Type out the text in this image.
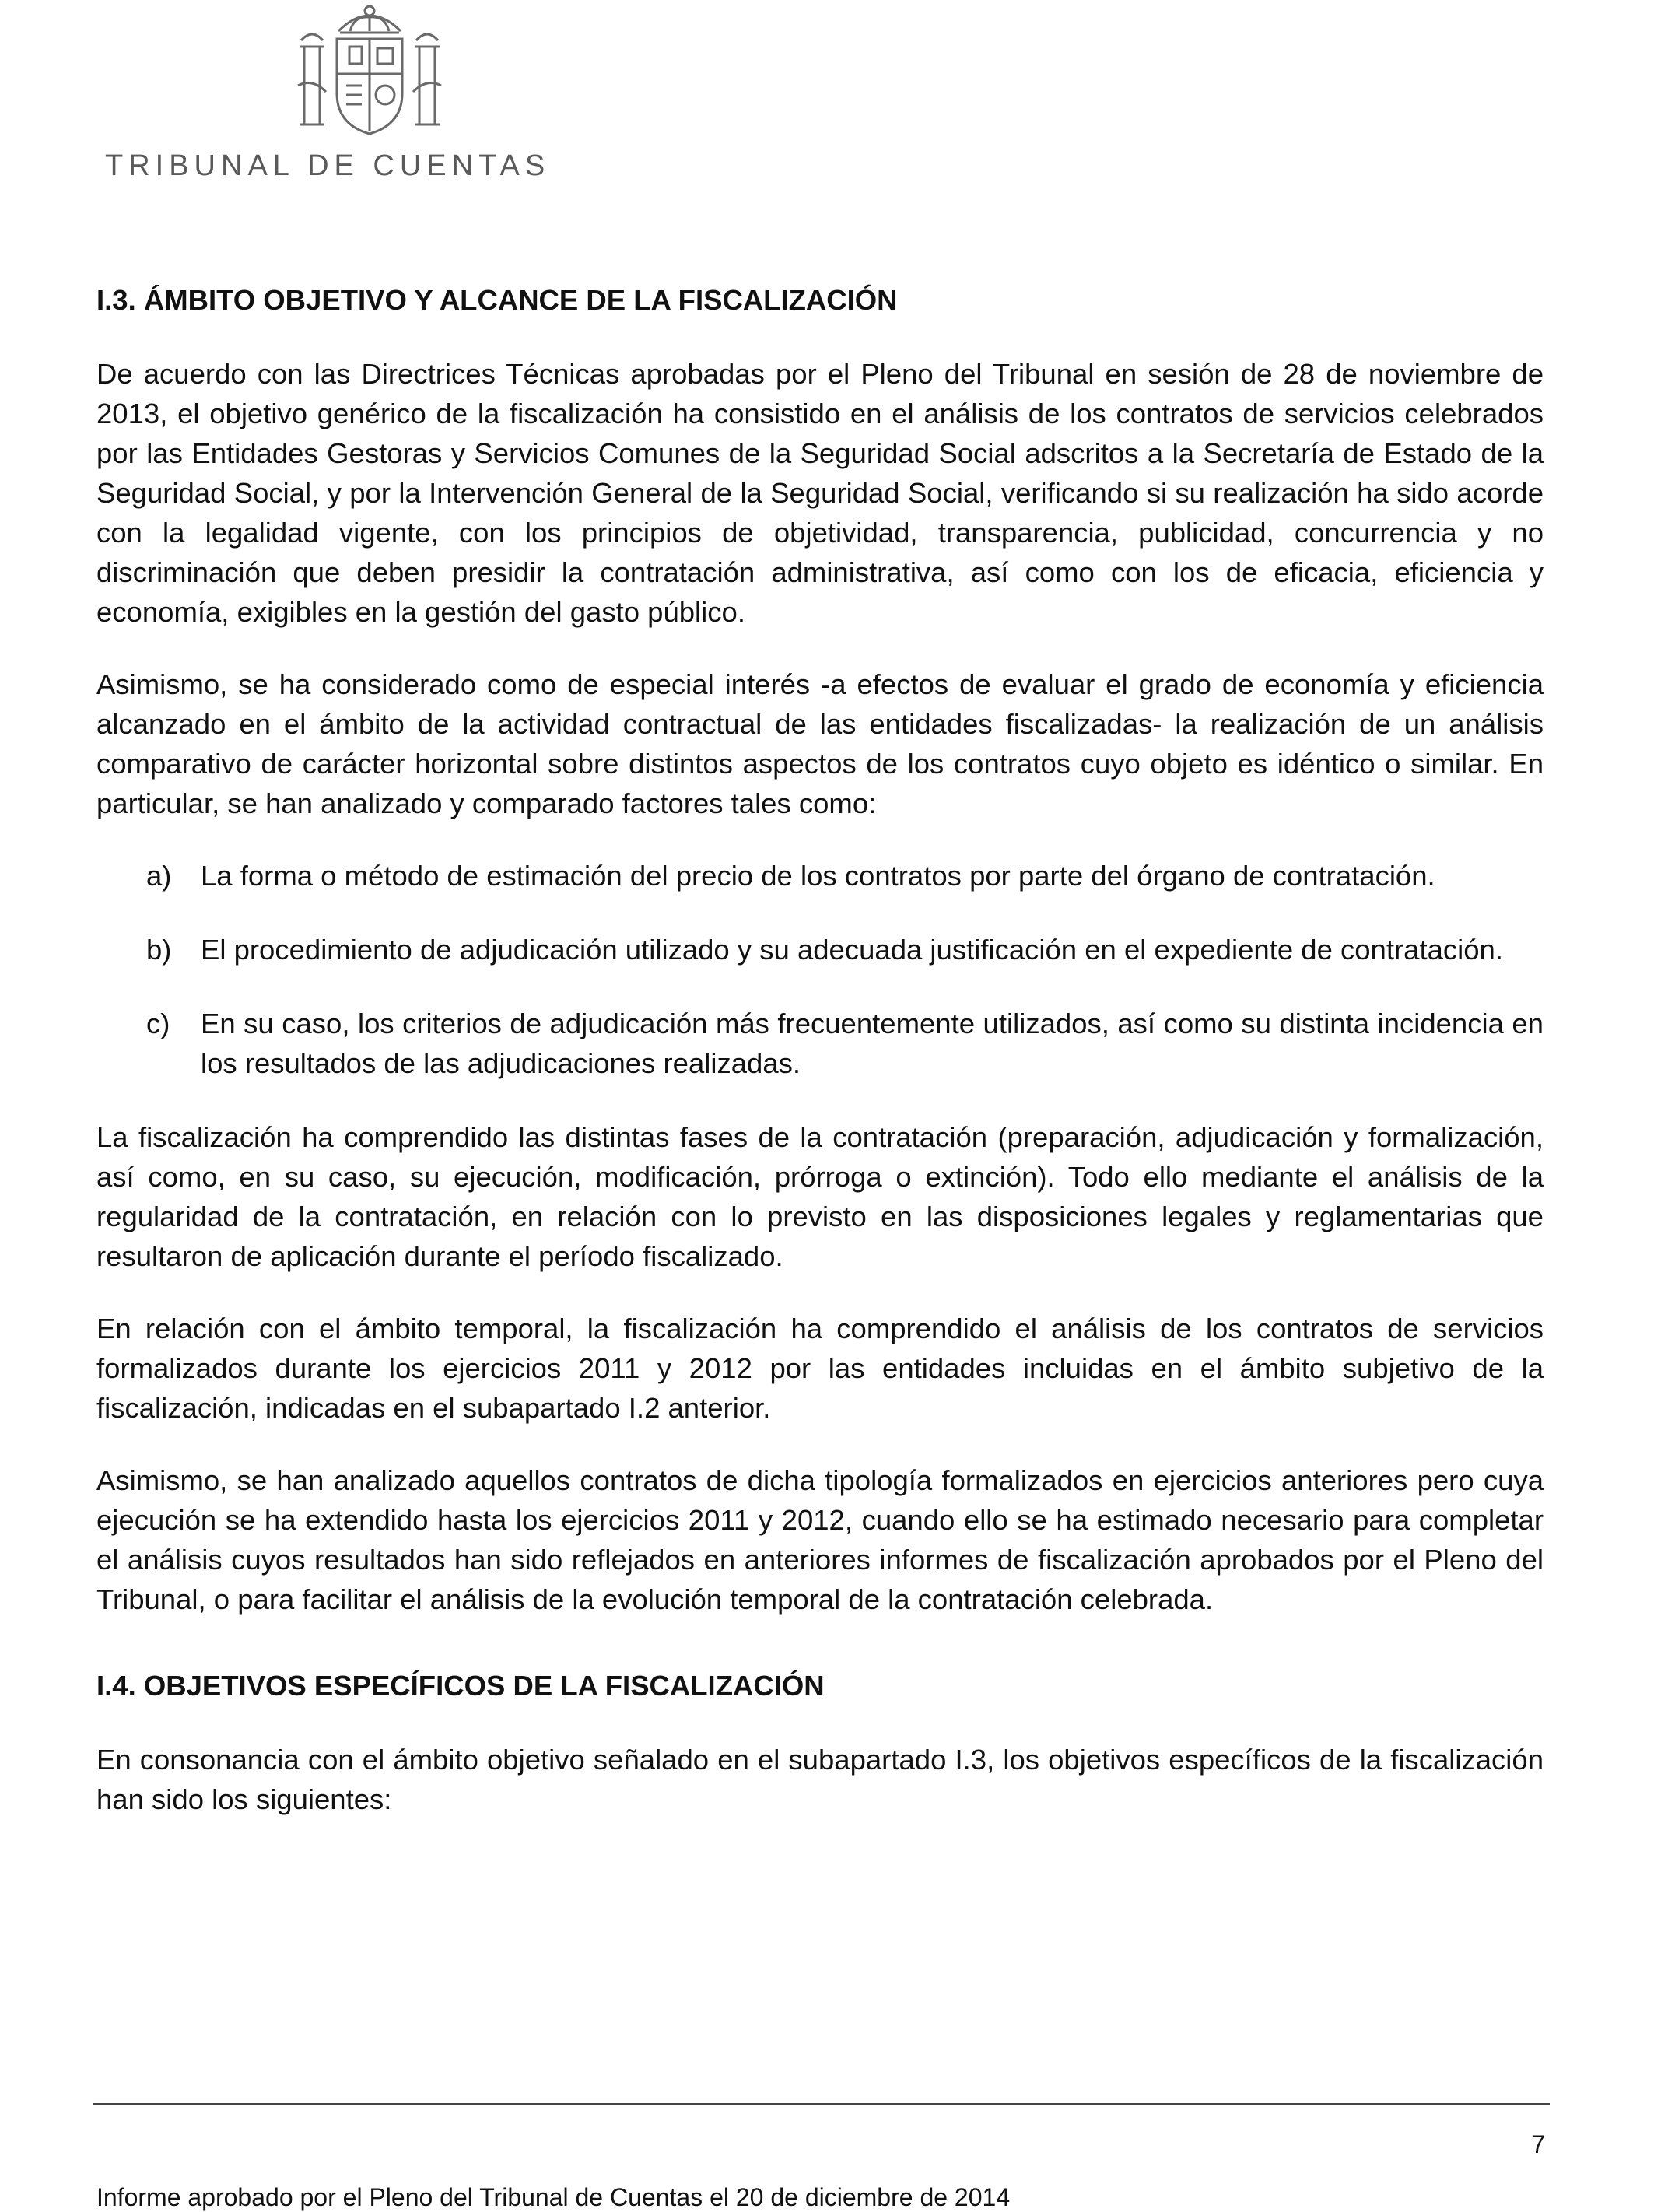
TRIBUNAL DE CUENTAS
I.3. ÁMBITO OBJETIVO Y ALCANCE DE LA FISCALIZACIÓN

De acuerdo con las Directrices Técnicas aprobadas por el Pleno del Tribunal en sesión de 28 de noviembre de 2013, el objetivo genérico de la fiscalización ha consistido en el análisis de los contratos de servicios celebrados por las Entidades Gestoras y Servicios Comunes de la Seguridad Social adscritos a la Secretaría de Estado de la Seguridad Social, y por la Intervención General de la Seguridad Social, verificando si su realización ha sido acorde con la legalidad vigente, con los principios de objetividad, transparencia, publicidad, concurrencia y no discriminación que deben presidir la contratación administrativa, así como con los de eficacia, eficiencia y economía, exigibles en la gestión del gasto público.

Asimismo, se ha considerado como de especial interés -a efectos de evaluar el grado de economía y eficiencia alcanzado en el ámbito de la actividad contractual de las entidades fiscalizadas- la realización de un análisis comparativo de carácter horizontal sobre distintos aspectos de los contratos cuyo objeto es idéntico o similar. En particular, se han analizado y comparado factores tales como:

a) La forma o método de estimación del precio de los contratos por parte del órgano de contratación.
b) El procedimiento de adjudicación utilizado y su adecuada justificación en el expediente de contratación.
c) En su caso, los criterios de adjudicación más frecuentemente utilizados, así como su distinta incidencia en los resultados de las adjudicaciones realizadas.

La fiscalización ha comprendido las distintas fases de la contratación (preparación, adjudicación y formalización, así como, en su caso, su ejecución, modificación, prórroga o extinción). Todo ello mediante el análisis de la regularidad de la contratación, en relación con lo previsto en las disposiciones legales y reglamentarias que resultaron de aplicación durante el período fiscalizado.

En relación con el ámbito temporal, la fiscalización ha comprendido el análisis de los contratos de servicios formalizados durante los ejercicios 2011 y 2012 por las entidades incluidas en el ámbito subjetivo de la fiscalización, indicadas en el subapartado I.2 anterior.

Asimismo, se han analizado aquellos contratos de dicha tipología formalizados en ejercicios anteriores pero cuya ejecución se ha extendido hasta los ejercicios 2011 y 2012, cuando ello se ha estimado necesario para completar el análisis cuyos resultados han sido reflejados en anteriores informes de fiscalización aprobados por el Pleno del Tribunal, o para facilitar el análisis de la evolución temporal de la contratación celebrada.

I.4. OBJETIVOS ESPECÍFICOS DE LA FISCALIZACIÓN

En consonancia con el ámbito objetivo señalado en el subapartado I.3, los objetivos específicos de la fiscalización han sido los siguientes:

7
Informe aprobado por el Pleno del Tribunal de Cuentas el 20 de diciembre de 2014
